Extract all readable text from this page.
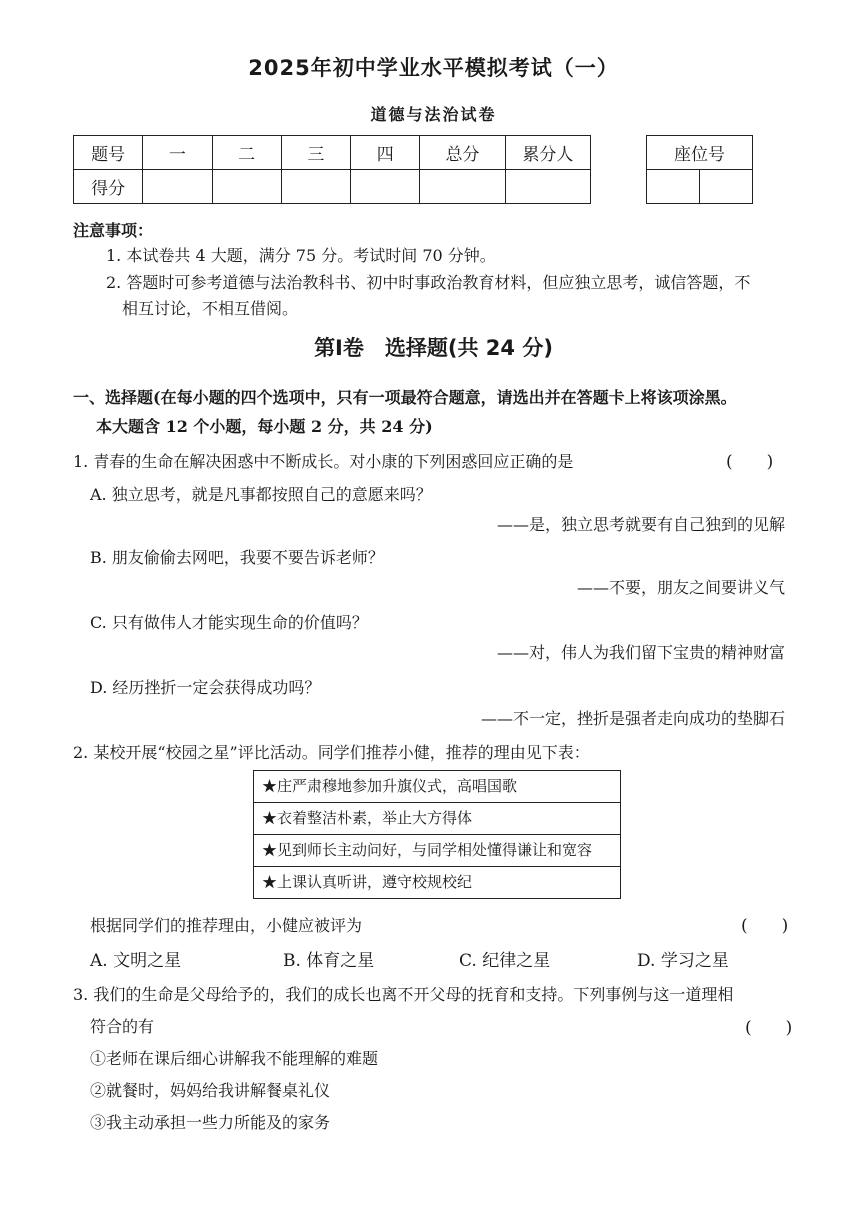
2025年初中学业水平模拟考试（一）
道德与法治试卷
题号	一	二	三	四	总分	累分人
得分						
座位号

注意事项：
1. 本试卷共 4 大题，满分 75 分。考试时间 70 分钟。
2. 答题时可参考道德与法治教科书、初中时事政治教育材料，但应独立思考，诚信答题，不
相互讨论，不相互借阅。
第Ⅰ卷　选择题(共 24 分)
一、选择题(在每小题的四个选项中，只有一项最符合题意，请选出并在答题卡上将该项涂黑。
本大题含 12 个小题，每小题 2 分，共 24 分)
1. 青春的生命在解决困惑中不断成长。对小康的下列困惑回应正确的是	(　　)
A. 独立思考，就是凡事都按照自己的意愿来吗？
——是，独立思考就要有自己独到的见解
B. 朋友偷偷去网吧，我要不要告诉老师？
——不要，朋友之间要讲义气
C. 只有做伟人才能实现生命的价值吗？
——对，伟人为我们留下宝贵的精神财富
D. 经历挫折一定会获得成功吗？
——不一定，挫折是强者走向成功的垫脚石
2. 某校开展“校园之星”评比活动。同学们推荐小健，推荐的理由见下表：
★庄严肃穆地参加升旗仪式，高唱国歌
★衣着整洁朴素，举止大方得体
★见到师长主动问好，与同学相处懂得谦让和宽容
★上课认真听讲，遵守校规校纪
根据同学们的推荐理由，小健应被评为	(　　)
A. 文明之星	B. 体育之星	C. 纪律之星	D. 学习之星
3. 我们的生命是父母给予的，我们的成长也离不开父母的抚育和支持。下列事例与这一道理相
符合的有	(　　)
①老师在课后细心讲解我不能理解的难题
②就餐时，妈妈给我讲解餐桌礼仪
③我主动承担一些力所能及的家务
